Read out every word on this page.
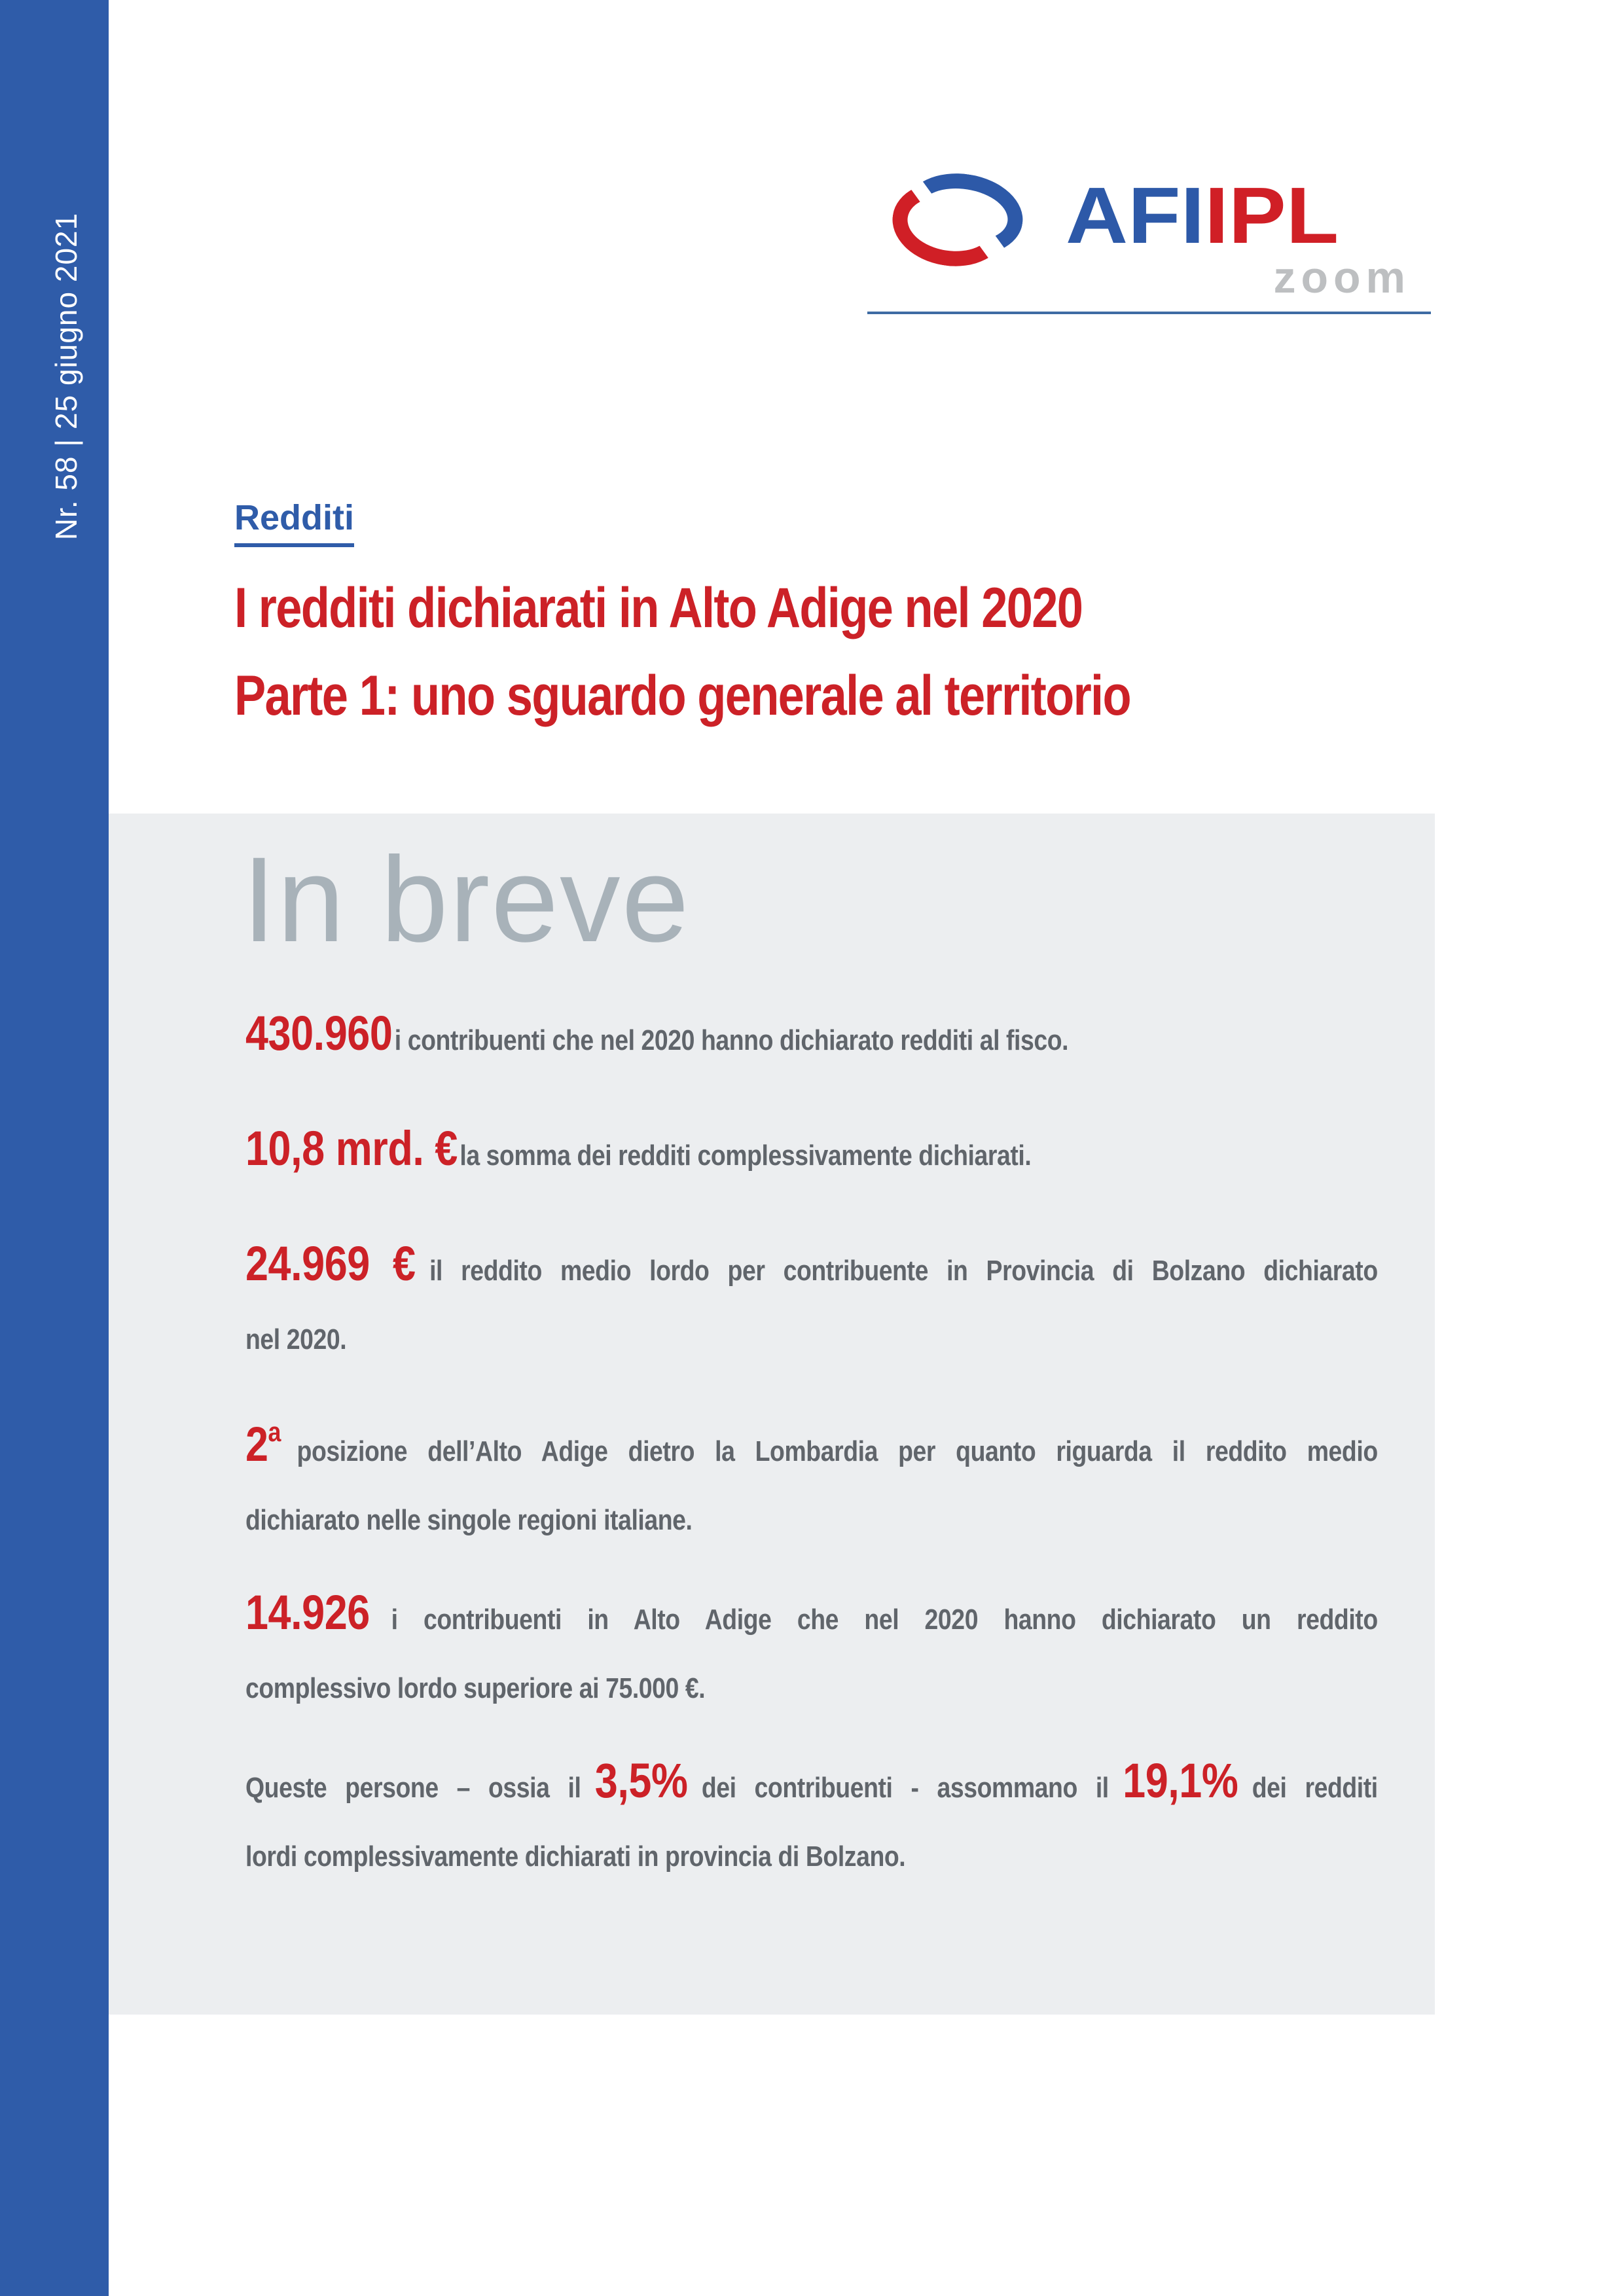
Nr. 58 | 25 giugno 2021	AFIIPL
zoom
Redditi
I redditi dichiarati in Alto Adige nel 2020
Parte 1: uno sguardo generale al territorio
In breve
430.960 i contribuenti che nel 2020 hanno dichiarato redditi al fisco.
10,8 mrd. € la somma dei redditi complessivamente dichiarati.
24.969 € il reddito medio lordo per contribuente in Provincia di Bolzano dichiarato
nel 2020.
2a posizione dell’Alto Adige dietro la Lombardia per quanto riguarda il reddito medio
dichiarato nelle singole regioni italiane.
14.926 i contribuenti in Alto Adige che nel 2020 hanno dichiarato un reddito
complessivo lordo superiore ai 75.000 €.
Queste persone – ossia il 3,5% dei contribuenti - assommano il 19,1% dei redditi
lordi complessivamente dichiarati in provincia di Bolzano.
